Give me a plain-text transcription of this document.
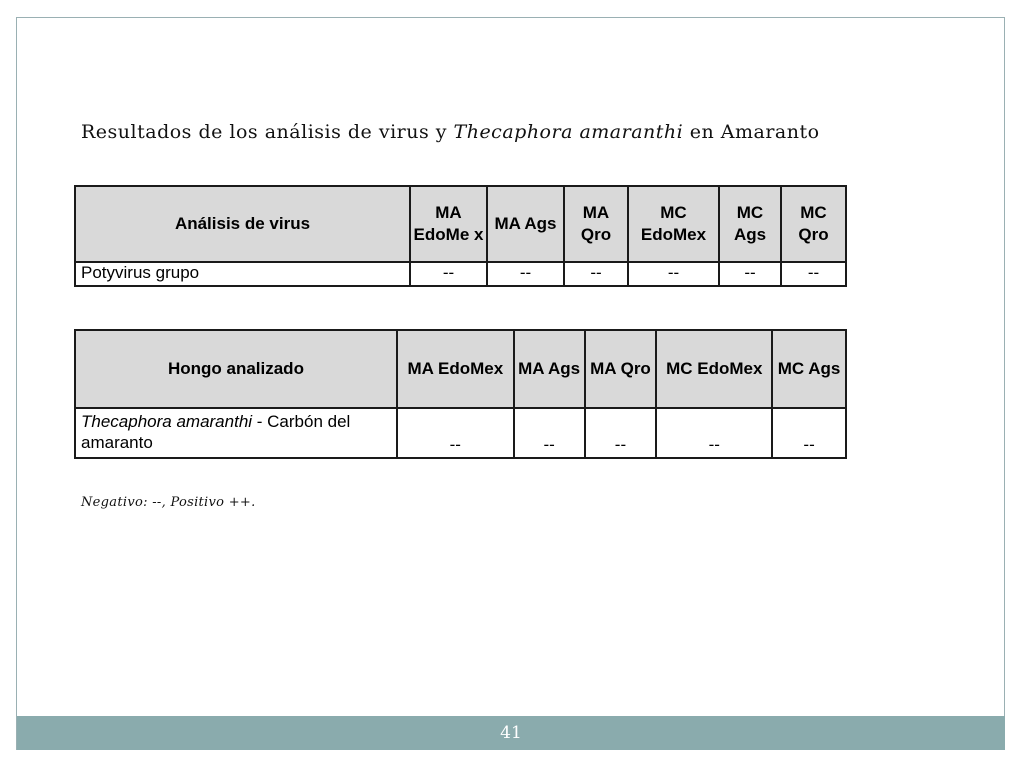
Resultados de los análisis de virus y Thecaphora amaranthi en Amaranto
Análisis de virus	MA EdoMe x	MA Ags	MA Qro	MC EdoMex	MC Ags	MC Qro
Potyvirus grupo	--	--	--	--	--	--
Hongo analizado	MA EdoMex	MA Ags	MA Qro	MC EdoMex	MC Ags
Thecaphora amaranthi - Carbón del amaranto	--	--	--	--	--
Negativo: --, Positivo ++.
41
